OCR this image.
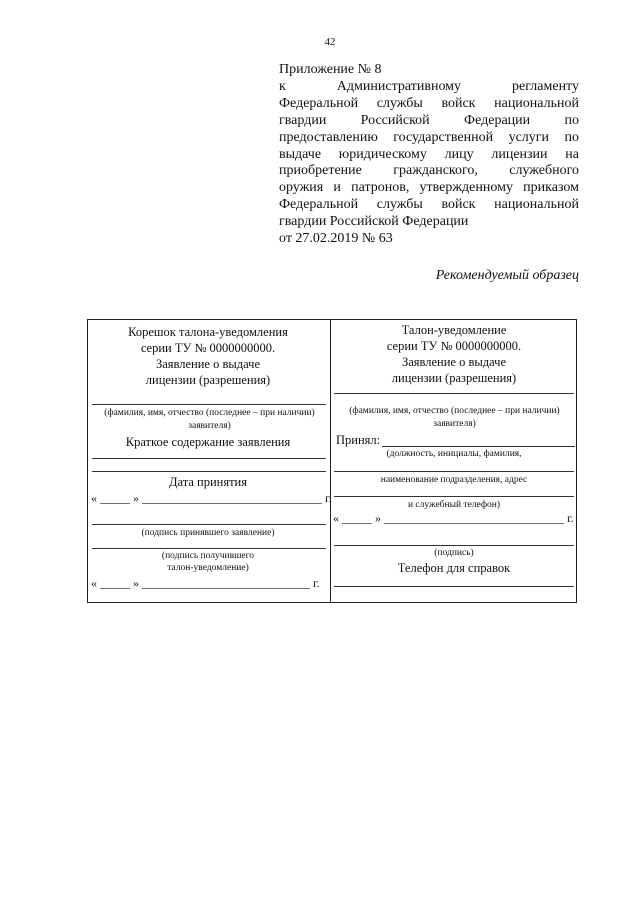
42
Приложение № 8
к Административному регламенту
Федеральной службы войск национальной
гвардии Российской Федерации по
предоставлению государственной услуги по
выдаче юридическому лицу лицензии на
приобретение гражданского, служебного
оружия и патронов, утвержденному приказом
Федеральной службы войск национальной
гвардии Российской Федерации
от 27.02.2019 № 63
Рекомендуемый образец
Корешок талона-уведомления
серии ТУ № 0000000000.
Заявление о выдаче
лицензии (разрешения)
(фамилия, имя, отчество (последнее – при наличии)
заявителя)
Краткое содержание заявления
Дата принятия
« _____ » ______________________________ г.
(подпись принявшего заявление)
(подпись получившего
талон-уведомление)
« _____ » ____________________________ г.
Талон-уведомление
серии ТУ № 0000000000.
Заявление о выдаче
лицензии (разрешения)
(фамилия, имя, отчество (последнее – при наличии)
заявителя)
Принял:
(должность, инициалы, фамилия,
наименование подразделения, адрес
и служебный телефон)
« _____ » ______________________________ г.
(подпись)
Телефон для справок
